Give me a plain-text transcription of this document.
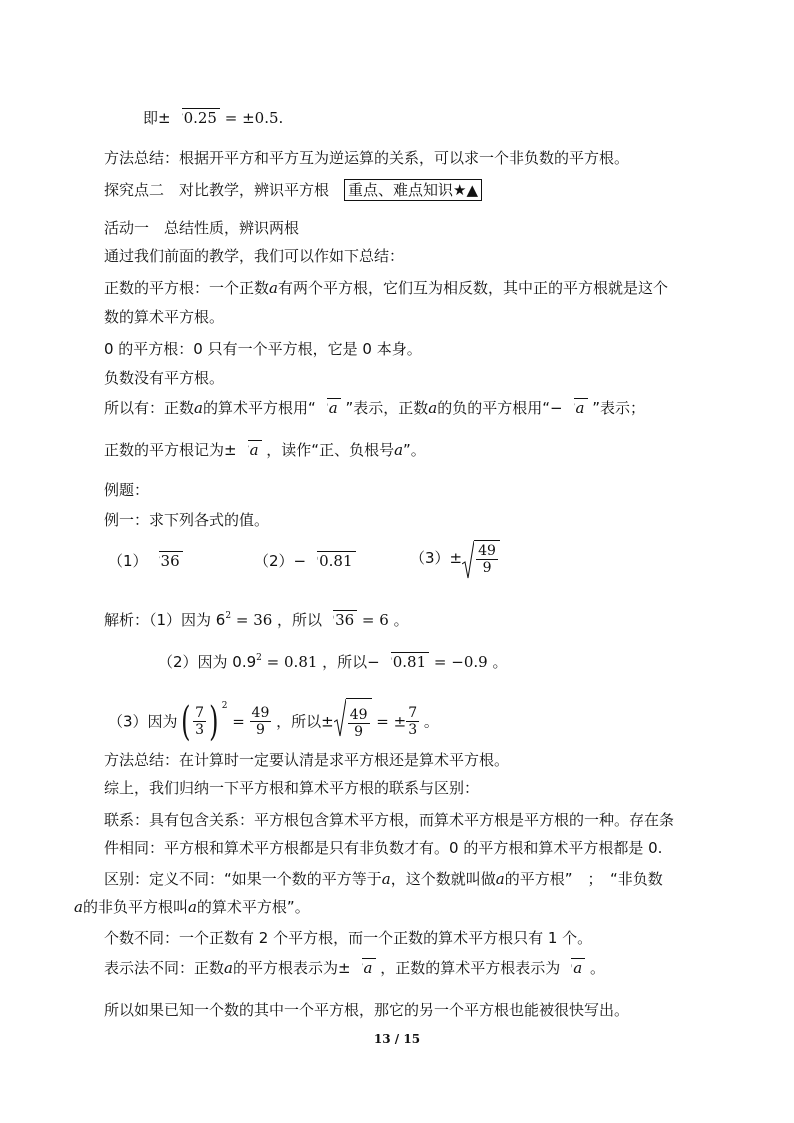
即± 0.25 = ±0.5.
方法总结：根据开平方和平方互为逆运算的关系，可以求一个非负数的平方根。
探究点二　对比教学，辨识平方根　重点、难点知识★▲
活动一　总结性质，辨识两根
通过我们前面的教学，我们可以作如下总结：
正数的平方根：一个正数a有两个平方根，它们互为相反数，其中正的平方根就是这个
数的算术平方根。
0 的平方根：0 只有一个平方根，它是 0 本身。
负数没有平方根。
所以有：正数a的算术平方根用“ a ”表示，正数a的负的平方根用“− a ”表示；
正数的平方根记为± a ，读作“正、负根号a”。
例题：
例一：求下列各式的值。
（1） 36	（2）− 0.81	$(3)\pm \frac{49}{9}$
解析：（1）因为 $6^2 = 36$ ，所以 36 = 6 。
（2）因为 $0.9^2 = 0.81$ ，所以− 0.81 = −0.9 。
（3）因为( $\frac{7}{3}$ ) $^2 = \frac{49}{9}$ ，所以± $\frac{49}{9}$ = ± $\frac{7}{3}$ 。
方法总结：在计算时一定要认清是求平方根还是算术平方根。
综上，我们归纳一下平方根和算术平方根的联系与区别：
联系：具有包含关系：平方根包含算术平方根，而算术平方根是平方根的一种。存在条
件相同：平方根和算术平方根都是只有非负数才有。0 的平方根和算术平方根都是 0.
区别：定义不同：“如果一个数的平方等于a，这个数就叫做a的平方根”　；　“非负数
a的非负平方根叫a的算术平方根”。
个数不同：一个正数有 2 个平方根，而一个正数的算术平方根只有 1 个。
表示法不同：正数a的平方根表示为± a ，正数的算术平方根表示为 a 。
所以如果已知一个数的其中一个平方根，那它的另一个平方根也能被很快写出。
13 / 15
